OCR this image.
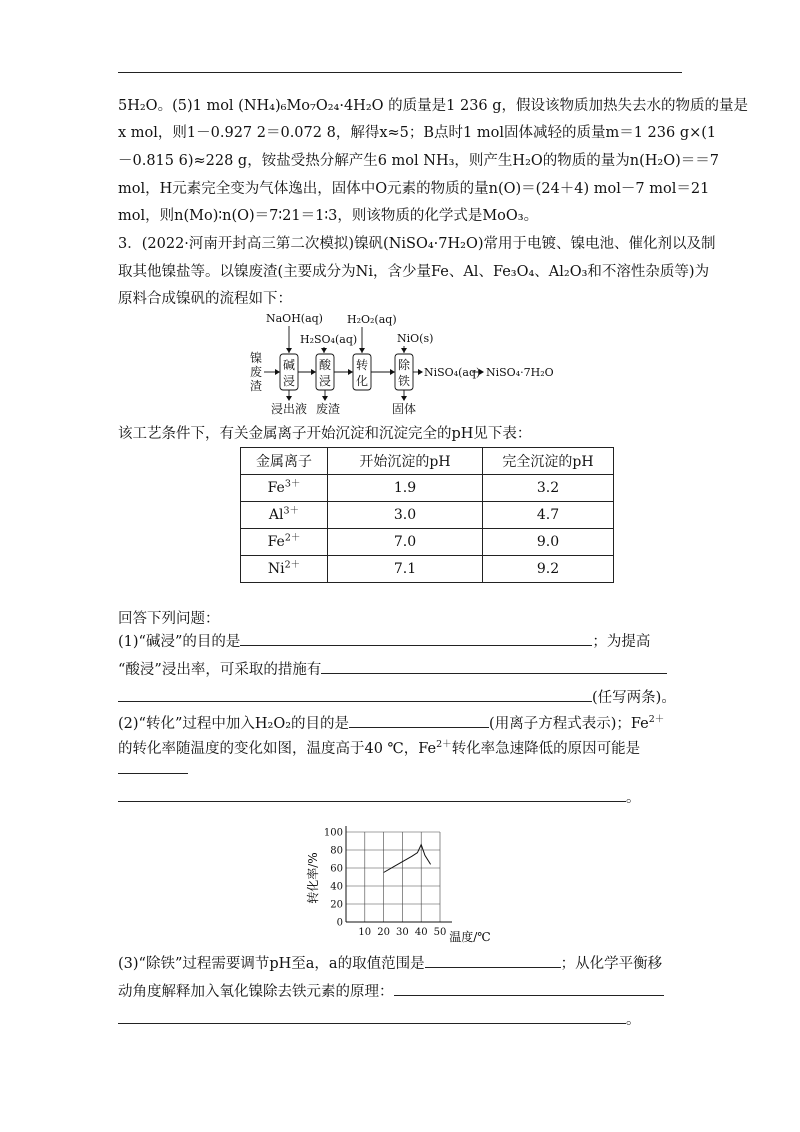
5H₂O。(5)1 mol (NH₄)₆Mo₇O₂₄·4H₂O 的质量是1 236 g，假设该物质加热失去水的物质的量是
x mol，则1－0.927 2＝0.072 8，解得x≈5；B点时1 mol固体减轻的质量m＝1 236 g×(1
－0.815 6)≈228 g，铵盐受热分解产生6 mol NH₃，则产生H₂O的物质的量为n(H₂O)＝＝7
mol，H元素完全变为气体逸出，固体中O元素的物质的量n(O)＝(24＋4) mol－7 mol＝21
mol，则n(Mo)∶n(O)＝7∶21＝1∶3，则该物质的化学式是MoO₃。
3．(2022·河南开封高三第二次模拟)镍矾(NiSO₄·7H₂O)常用于电镀、镍电池、催化剂以及制
取其他镍盐等。以镍废渣(主要成分为Ni，含少量Fe、Al、Fe₃O₄、Al₂O₃和不溶性杂质等)为
原料合成镍矾的流程如下：
NaOH(aq)
H₂SO₄(aq)
H₂O₂(aq)
NiO(s)
镍
废
渣
碱
浸
酸
浸
转
化
除
铁
NiSO₄(aq) NiSO₄·7H₂O
浸出液 废渣	固体
该工艺条件下，有关金属离子开始沉淀和沉淀完全的pH见下表：
金属离子	开始沉淀的pH	完全沉淀的pH
$Fe^{3+}$	1.9	3.2
$Al^{3+}$	3.0	4.7
$Fe^{2+}$	7.0	9.0
$Ni^{2+}$	7.1	9.2
回答下列问题：
(1)“碱浸”的目的是	；为提高
“酸浸”浸出率，可采取的措施有
(任写两条)。
(2)“转化”过程中加入H₂O₂的目的是	(用离子方程式表示)；$Fe^{2+}$
的转化率随温度的变化如图，温度高于40 ℃，$Fe^{2+}$转化率急速降低的原因可能是
。
0
20
40
60
80
100
10 20 30 40 50
转化率/%
温度/℃
(3)“除铁”过程需要调节pH至a，a的取值范围是	；从化学平衡移
动角度解释加入氧化镍除去铁元素的原理：
。
